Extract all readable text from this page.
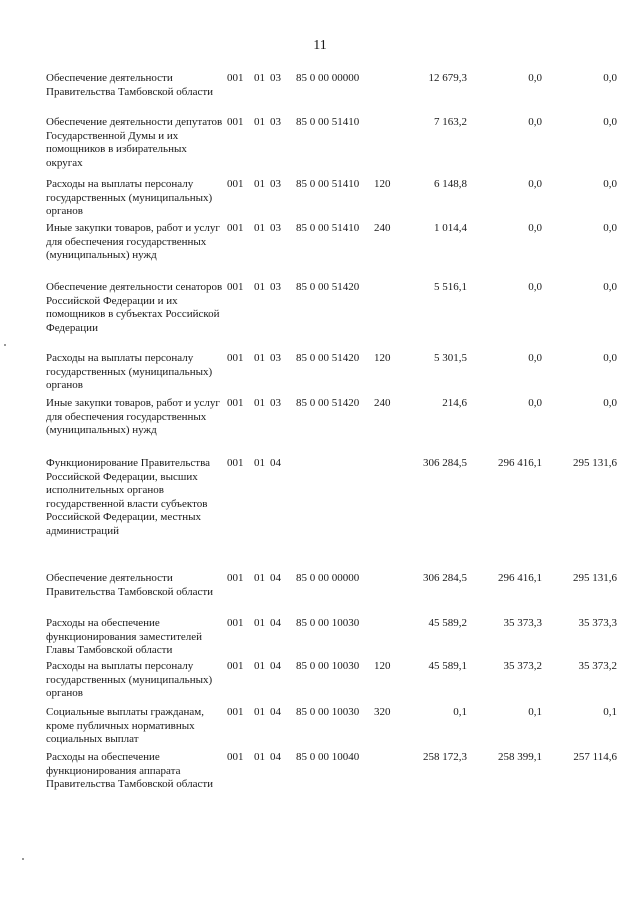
11
Обеспечение деятельности Правительства Тамбовской области
001 01 03 85 0 00 00000	12 679,3	0,0	0,0
Обеспечение деятельности депутатов Государственной Думы и их помощников в избирательных округах
001 01 03 85 0 00 51410	7 163,2	0,0	0,0
Расходы на выплаты персоналу государственных (муниципальных) органов
001 01 03 85 0 00 51410 120	6 148,8	0,0	0,0
Иные закупки товаров, работ и услуг для обеспечения государственных (муниципальных) нужд
001 01 03 85 0 00 51410 240	1 014,4	0,0	0,0
Обеспечение деятельности сенаторов Российской Федерации и их помощников в субъектах Российской Федерации
001 01 03 85 0 00 51420	5 516,1	0,0	0,0
Расходы на выплаты персоналу государственных (муниципальных) органов
001 01 03 85 0 00 51420 120	5 301,5	0,0	0,0
Иные закупки товаров, работ и услуг для обеспечения государственных (муниципальных) нужд
001 01 03 85 0 00 51420 240	214,6	0,0	0,0
Функционирование Правительства Российской Федерации, высших исполнительных органов государственной власти субъектов Российской Федерации, местных администраций
001 01 04	306 284,5	296 416,1	295 131,6
Обеспечение деятельности Правительства Тамбовской области
001 01 04 85 0 00 00000	306 284,5	296 416,1	295 131,6
Расходы на обеспечение функционирования заместителей Главы Тамбовской области
001 01 04 85 0 00 10030	45 589,2	35 373,3	35 373,3
Расходы на выплаты персоналу государственных (муниципальных) органов
001 01 04 85 0 00 10030 120	45 589,1	35 373,2	35 373,2
Социальные выплаты гражданам, кроме публичных нормативных социальных выплат
001 01 04 85 0 00 10030 320	0,1	0,1	0,1
Расходы на обеспечение функционирования аппарата Правительства Тамбовской области
001 01 04 85 0 00 10040	258 172,3	258 399,1	257 114,6
